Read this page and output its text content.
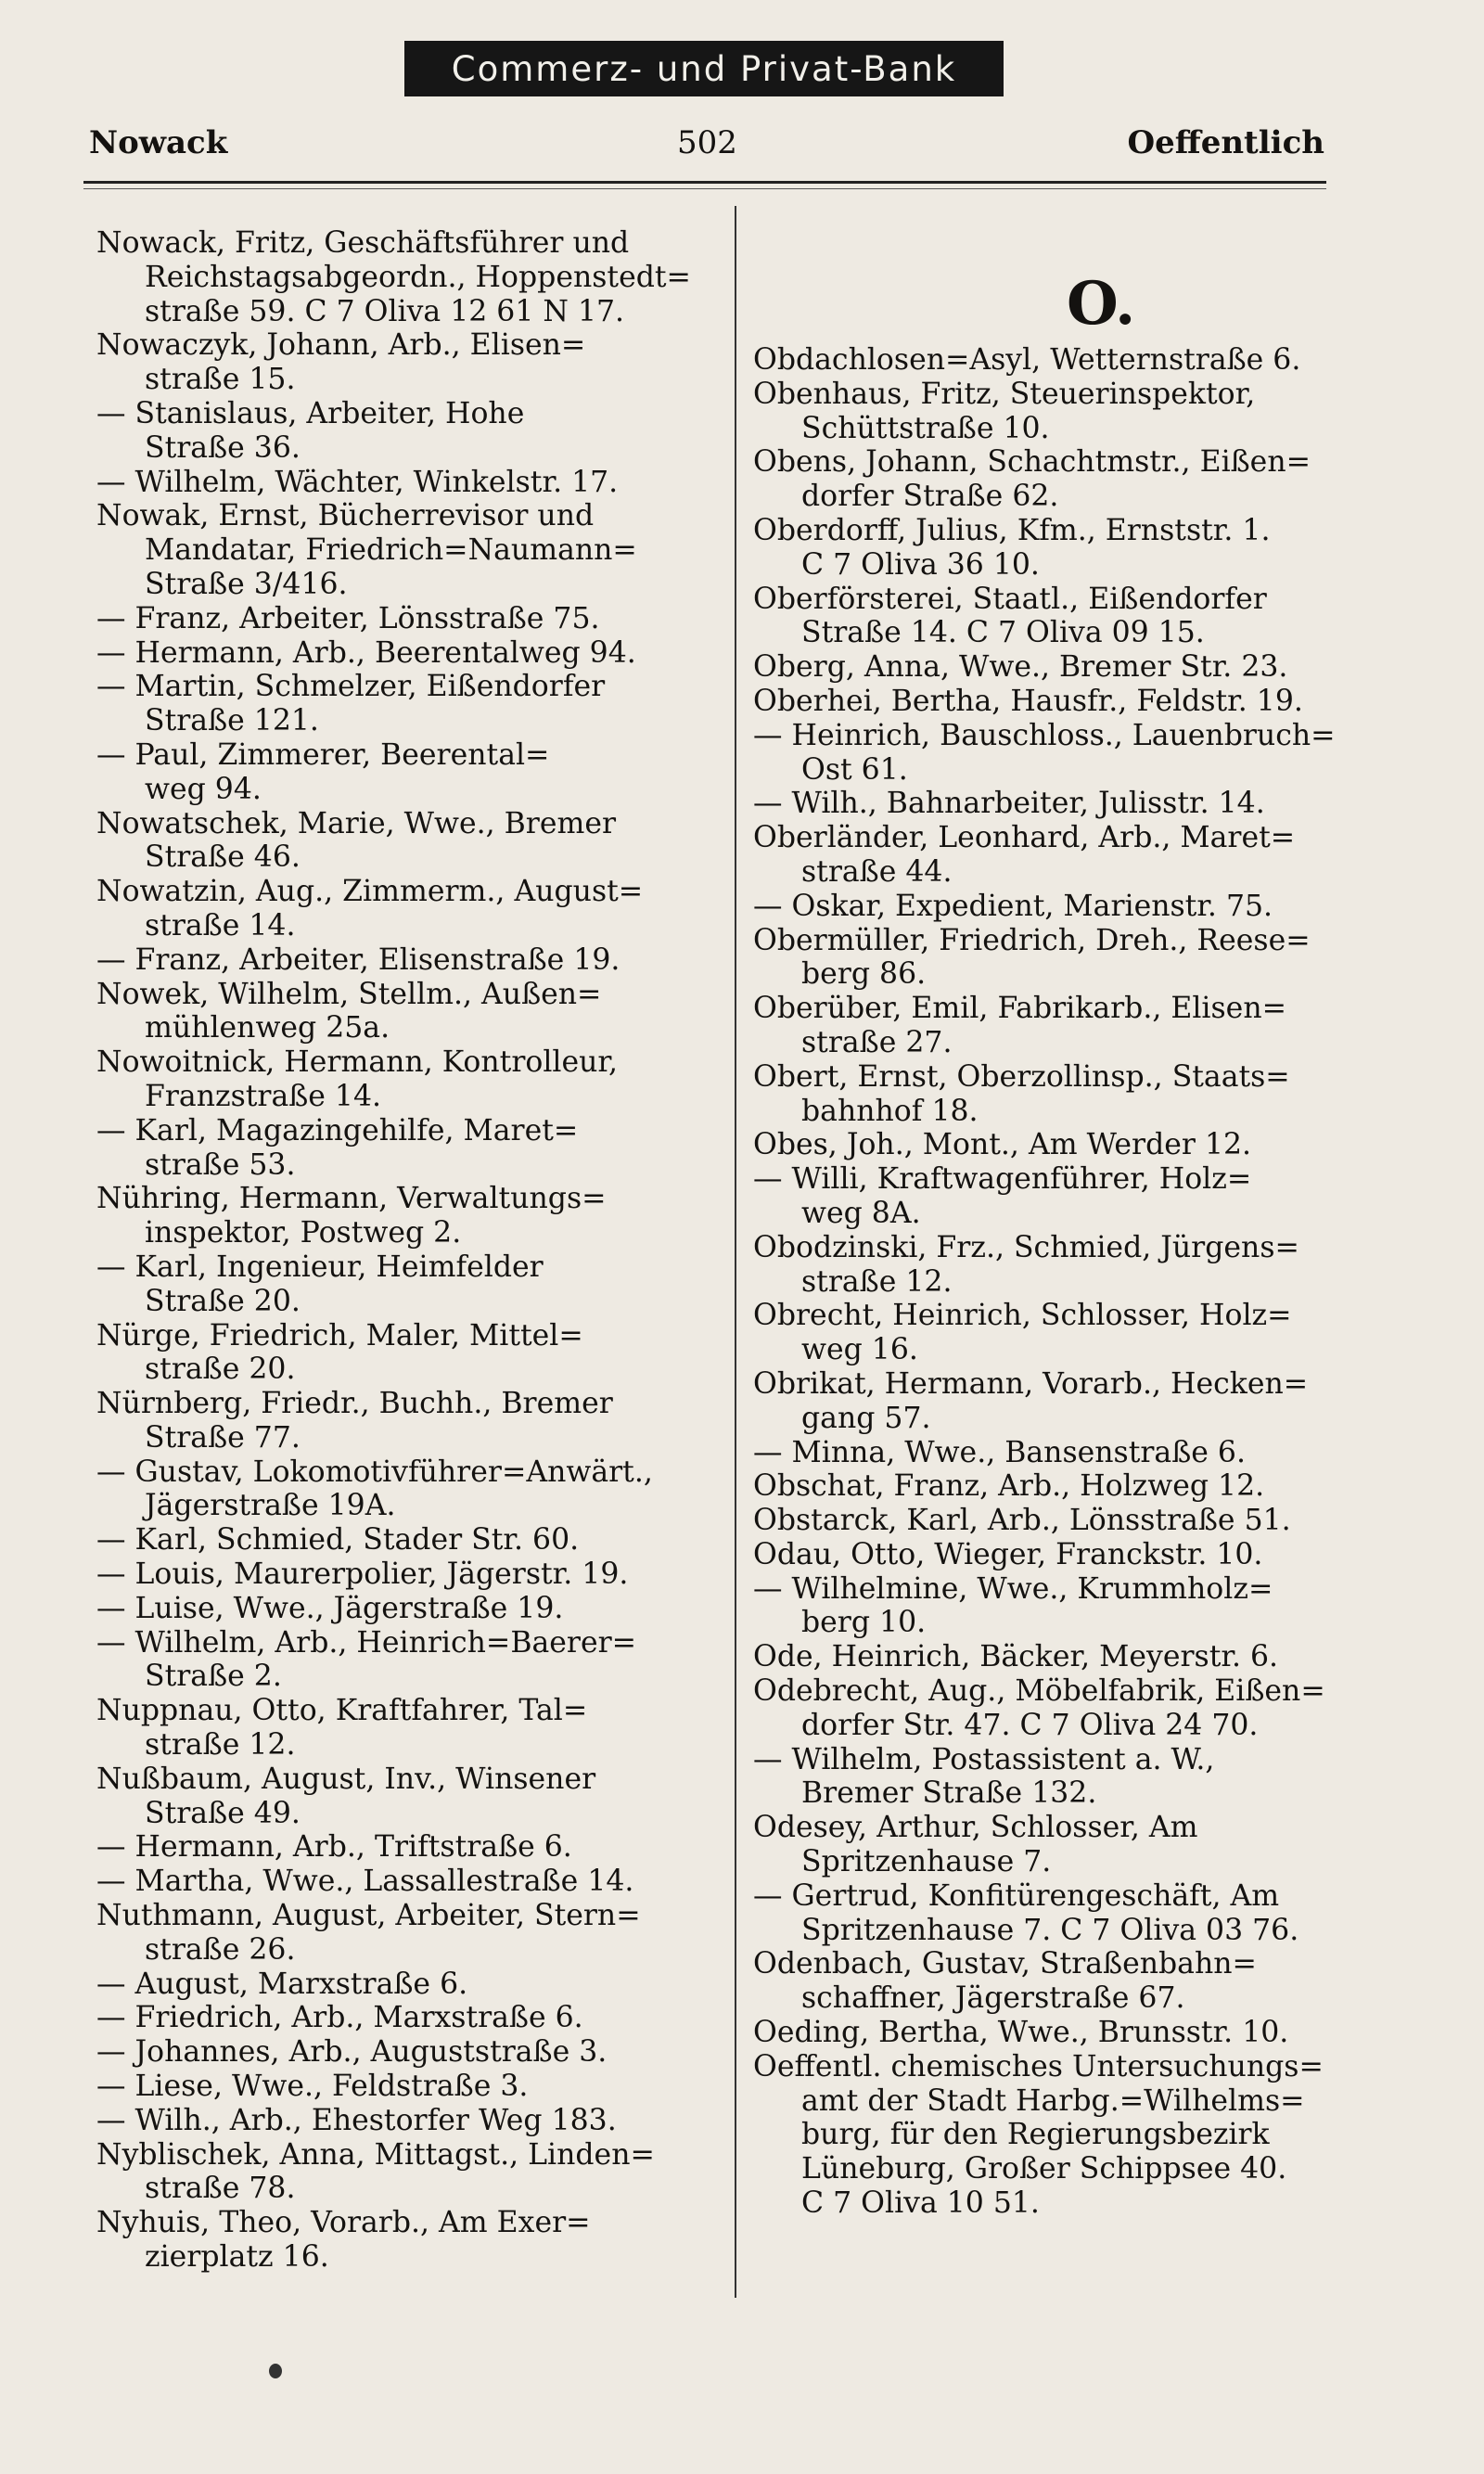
Commerz- und Privat-Bank
Nowack	502	Oeffentlich
O.
Nowack, Fritz, Geschäftsführer und
Reichstagsabgeordn., Hoppenstedt=
straße 59. C 7 Oliva 12 61 N 17.
Nowaczyk, Johann, Arb., Elisen=
straße 15.
— Stanislaus, Arbeiter, Hohe
Straße 36.
— Wilhelm, Wächter, Winkelstr. 17.
Nowak, Ernst, Bücherrevisor und
Mandatar, Friedrich=Naumann=
Straße 3/416.
— Franz, Arbeiter, Lönsstraße 75.
— Hermann, Arb., Beerentalweg 94.
— Martin, Schmelzer, Eißendorfer
Straße 121.
— Paul, Zimmerer, Beerental=
weg 94.
Nowatschek, Marie, Wwe., Bremer
Straße 46.
Nowatzin, Aug., Zimmerm., August=
straße 14.
— Franz, Arbeiter, Elisenstraße 19.
Nowek, Wilhelm, Stellm., Außen=
mühlenweg 25a.
Nowoitnick, Hermann, Kontrolleur,
Franzstraße 14.
— Karl, Magazingehilfe, Maret=
straße 53.
Nühring, Hermann, Verwaltungs=
inspektor, Postweg 2.
— Karl, Ingenieur, Heimfelder
Straße 20.
Nürge, Friedrich, Maler, Mittel=
straße 20.
Nürnberg, Friedr., Buchh., Bremer
Straße 77.
— Gustav, Lokomotivführer=Anwärt.,
Jägerstraße 19A.
— Karl, Schmied, Stader Str. 60.
— Louis, Maurerpolier, Jägerstr. 19.
— Luise, Wwe., Jägerstraße 19.
— Wilhelm, Arb., Heinrich=Baerer=
Straße 2.
Nuppnau, Otto, Kraftfahrer, Tal=
straße 12.
Nußbaum, August, Inv., Winsener
Straße 49.
— Hermann, Arb., Triftstraße 6.
— Martha, Wwe., Lassallestraße 14.
Nuthmann, August, Arbeiter, Stern=
straße 26.
— August, Marxstraße 6.
— Friedrich, Arb., Marxstraße 6.
— Johannes, Arb., Auguststraße 3.
— Liese, Wwe., Feldstraße 3.
— Wilh., Arb., Ehestorfer Weg 183.
Nyblischek, Anna, Mittagst., Linden=
straße 78.
Nyhuis, Theo, Vorarb., Am Exer=
zierplatz 16.
Obdachlosen=Asyl, Wetternstraße 6.
Obenhaus, Fritz, Steuerinspektor,
Schüttstraße 10.
Obens, Johann, Schachtmstr., Eißen=
dorfer Straße 62.
Oberdorff, Julius, Kfm., Ernststr. 1.
C 7 Oliva 36 10.
Oberförsterei, Staatl., Eißendorfer
Straße 14. C 7 Oliva 09 15.
Oberg, Anna, Wwe., Bremer Str. 23.
Oberhei, Bertha, Hausfr., Feldstr. 19.
— Heinrich, Bauschloss., Lauenbruch=
Ost 61.
— Wilh., Bahnarbeiter, Julisstr. 14.
Oberländer, Leonhard, Arb., Maret=
straße 44.
— Oskar, Expedient, Marienstr. 75.
Obermüller, Friedrich, Dreh., Reese=
berg 86.
Oberüber, Emil, Fabrikarb., Elisen=
straße 27.
Obert, Ernst, Oberzollinsp., Staats=
bahnhof 18.
Obes, Joh., Mont., Am Werder 12.
— Willi, Kraftwagenführer, Holz=
weg 8A.
Obodzinski, Frz., Schmied, Jürgens=
straße 12.
Obrecht, Heinrich, Schlosser, Holz=
weg 16.
Obrikat, Hermann, Vorarb., Hecken=
gang 57.
— Minna, Wwe., Bansenstraße 6.
Obschat, Franz, Arb., Holzweg 12.
Obstarck, Karl, Arb., Lönsstraße 51.
Odau, Otto, Wieger, Franckstr. 10.
— Wilhelmine, Wwe., Krummholz=
berg 10.
Ode, Heinrich, Bäcker, Meyerstr. 6.
Odebrecht, Aug., Möbelfabrik, Eißen=
dorfer Str. 47. C 7 Oliva 24 70.
— Wilhelm, Postassistent a. W.,
Bremer Straße 132.
Odesey, Arthur, Schlosser, Am
Spritzenhause 7.
— Gertrud, Konfitürengeschäft, Am
Spritzenhause 7. C 7 Oliva 03 76.
Odenbach, Gustav, Straßenbahn=
schaffner, Jägerstraße 67.
Oeding, Bertha, Wwe., Brunsstr. 10.
Oeffentl. chemisches Untersuchungs=
amt der Stadt Harbg.=Wilhelms=
burg, für den Regierungsbezirk
Lüneburg, Großer Schippsee 40.
C 7 Oliva 10 51.
